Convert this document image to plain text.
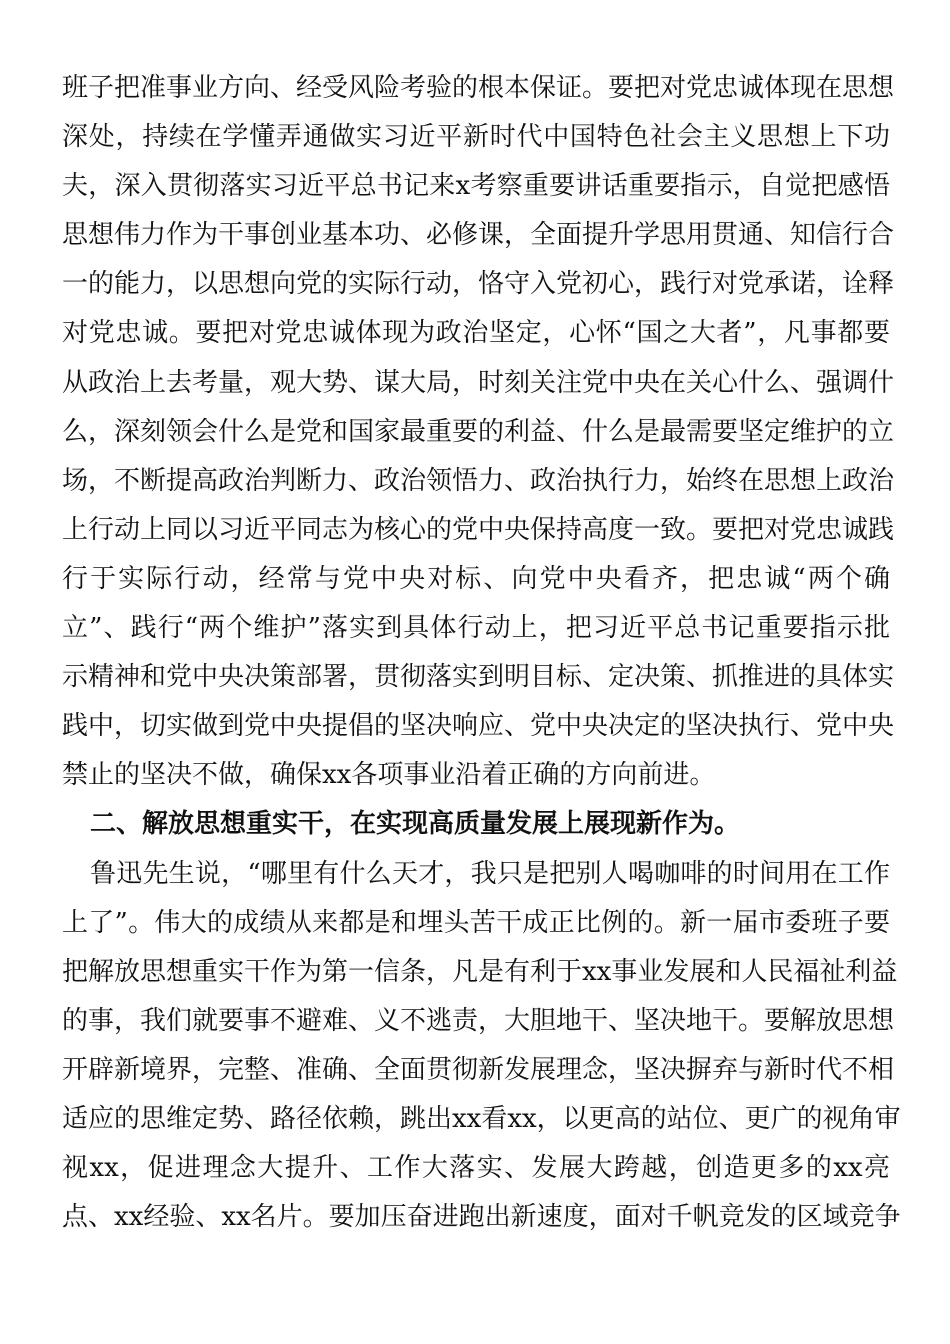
班子把准事业方向、经受风险考验的根本保证。要把对党忠诚体现在思想
深处，持续在学懂弄通做实习近平新时代中国特色社会主义思想上下功
夫，深入贯彻落实习近平总书记来x考察重要讲话重要指示，自觉把感悟
思想伟力作为干事创业基本功、必修课，全面提升学思用贯通、知信行合
一的能力，以思想向党的实际行动，恪守入党初心，践行对党承诺，诠释
对党忠诚。要把对党忠诚体现为政治坚定，心怀“国之大者”，凡事都要
从政治上去考量，观大势、谋大局，时刻关注党中央在关心什么、强调什
么，深刻领会什么是党和国家最重要的利益、什么是最需要坚定维护的立
场，不断提高政治判断力、政治领悟力、政治执行力，始终在思想上政治
上行动上同以习近平同志为核心的党中央保持高度一致。要把对党忠诚践
行于实际行动，经常与党中央对标、向党中央看齐，把忠诚“两个确
立”、践行“两个维护”落实到具体行动上，把习近平总书记重要指示批
示精神和党中央决策部署，贯彻落实到明目标、定决策、抓推进的具体实
践中，切实做到党中央提倡的坚决响应、党中央决定的坚决执行、党中央
禁止的坚决不做，确保xx各项事业沿着正确的方向前进。
二、解放思想重实干，在实现高质量发展上展现新作为。
鲁迅先生说，“哪里有什么天才，我只是把别人喝咖啡的时间用在工作
上了”。伟大的成绩从来都是和埋头苦干成正比例的。新一届市委班子要
把解放思想重实干作为第一信条，凡是有利于xx事业发展和人民福祉利益
的事，我们就要事不避难、义不逃责，大胆地干、坚决地干。要解放思想
开辟新境界，完整、准确、全面贯彻新发展理念，坚决摒弃与新时代不相
适应的思维定势、路径依赖，跳出xx看xx，以更高的站位、更广的视角审
视xx，促进理念大提升、工作大落实、发展大跨越，创造更多的xx亮
点、xx经验、xx名片。要加压奋进跑出新速度，面对千帆竞发的区域竞争
